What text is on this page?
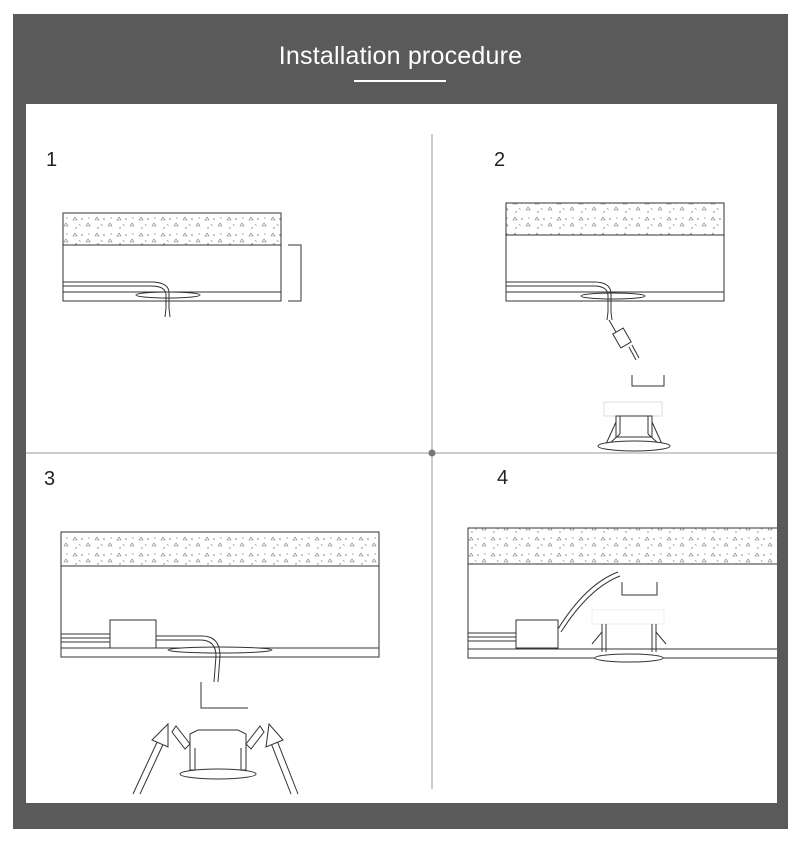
Installation procedure
1	2
3	4
